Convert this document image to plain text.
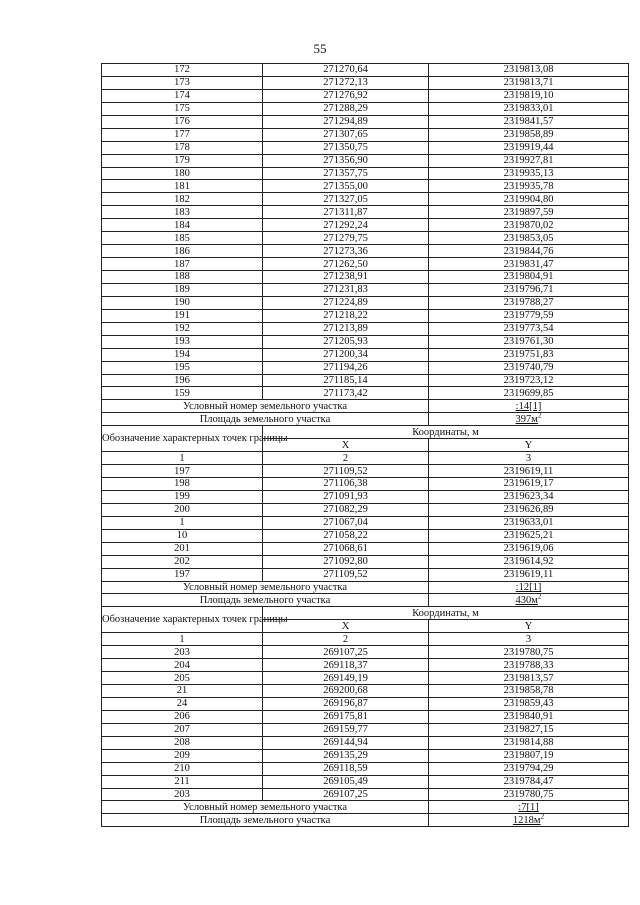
55
172	271270,64	2319813,08
173	271272,13	2319813,71
174	271276,92	2319819,10
175	271288,29	2319833,01
176	271294,89	2319841,57
177	271307,65	2319858,89
178	271350,75	2319919,44
179	271356,90	2319927,81
180	271357,75	2319935,13
181	271355,00	2319935,78
182	271327,05	2319904,80
183	271311,87	2319897,59
184	271292,24	2319870,02
185	271279,75	2319853,05
186	271273,36	2319844,76
187	271262,50	2319831,47
188	271238,91	2319804,91
189	271231,83	2319796,71
190	271224,89	2319788,27
191	271218,22	2319779,59
192	271213,89	2319773,54
193	271205,93	2319761,30
194	271200,34	2319751,83
195	271194,26	2319740,79
196	271185,14	2319723,12
159	271173,42	2319699,85
Условный номер земельного участка		:14[1]
Площадь земельного участка		$397м^2$
Обозначение характерных точек границы	Координаты, м	
	X	Y
1	2	3
197	271109,52	2319619,11
198	271106,38	2319619,17
199	271091,93	2319623,34
200	271082,29	2319626,89
1	271067,04	2319633,01
10	271058,22	2319625,21
201	271068,61	2319619,06
202	271092,80	2319614,92
197	271109,52	2319619,11
Условный номер земельного участка		:12[1]
Площадь земельного участка		$430м^2$
Обозначение характерных точек границы	Координаты, м	
	X	Y
1	2	3
203	269107,25	2319780,75
204	269118,37	2319788,33
205	269149,19	2319813,57
21	269200,68	2319858,78
24	269196,87	2319859,43
206	269175,81	2319840,91
207	269159,77	2319827,15
208	269144,94	2319814,88
209	269135,29	2319807,19
210	269118,59	2319794,29
211	269105,49	2319784,47
203	269107,25	2319780,75
Условный номер земельного участка		:7[1]
Площадь земельного участка		$1218м^2$
